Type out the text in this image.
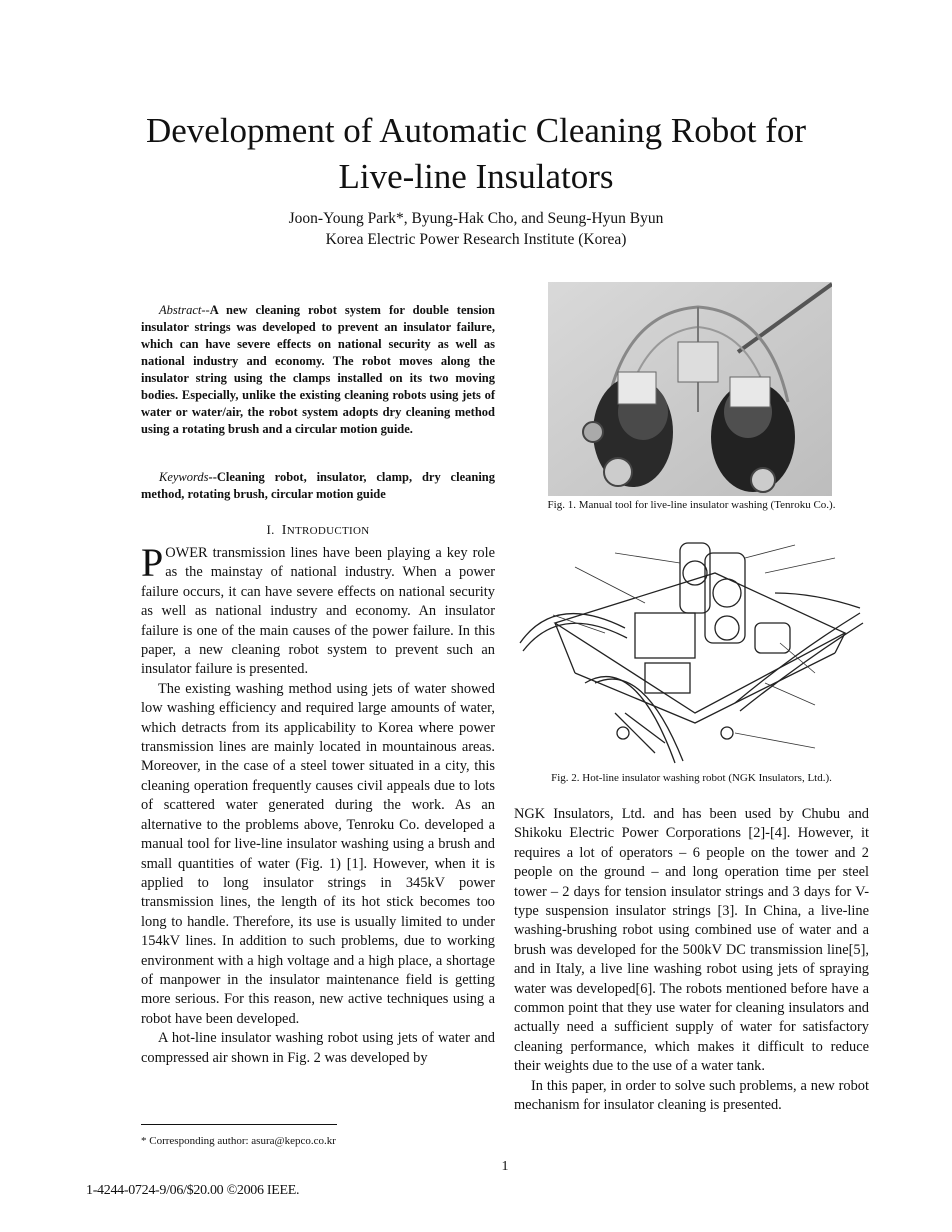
Development of Automatic Cleaning Robot for
Live-line Insulators
Joon-Young Park*, Byung-Hak Cho, and Seung-Hyun Byun
Korea Electric Power Research Institute (Korea)

Abstract--A new cleaning robot system for double tension insulator strings was developed to prevent an insulator failure, which can have severe effects on national security as well as national industry and economy. The robot moves along the insulator string using the clamps installed on its two moving bodies. Especially, unlike the existing cleaning robots using jets of water or water/air, the robot system adopts dry cleaning method using a rotating brush and a circular motion guide.

Keywords--Cleaning robot, insulator, clamp, dry cleaning method, rotating brush, circular motion guide

I. INTRODUCTION

POWER transmission lines have been playing a key role as the mainstay of national industry. When a power failure occurs, it can have severe effects on national security as well as national industry and economy. An insulator failure is one of the main causes of the power failure. In this paper, a new cleaning robot system to prevent such an insulator failure is presented.

The existing washing method using jets of water showed low washing efficiency and required large amounts of water, which detracts from its applicability to Korea where power transmission lines are mainly located in mountainous areas. Moreover, in the case of a steel tower situated in a city, this cleaning operation frequently causes civil appeals due to lots of scattered water generated during the work. As an alternative to the problems above, Tenroku Co. developed a manual tool for live-line insulator washing using a brush and small quantities of water (Fig. 1) [1]. However, when it is applied to long insulator strings in 345kV power transmission lines, the length of its hot stick becomes too long to handle. Therefore, its use is usually limited to under 154kV lines. In addition to such problems, due to working environment with a high voltage and a high place, a shortage of manpower in the insulator maintenance field is getting more serious. For this reason, new active techniques using a robot have been developed.

A hot-line insulator washing robot using jets of water and compressed air shown in Fig. 2 was developed by

Fig. 1. Manual tool for live-line insulator washing (Tenroku Co.).
Fig. 2. Hot-line insulator washing robot (NGK Insulators, Ltd.).

NGK Insulators, Ltd. and has been used by Chubu and Shikoku Electric Power Corporations [2]-[4]. However, it requires a lot of operators – 6 people on the tower and 2 people on the ground – and long operation time per steel tower – 2 days for tension insulator strings and 3 days for V-type suspension insulator strings [3]. In China, a live-line washing-brushing robot using combined use of water and a brush was developed for the 500kV DC transmission line[5], and in Italy, a live line washing robot using jets of spraying water was developed[6]. The robots mentioned before have a common point that they use water for cleaning insulators and actually need a sufficient supply of water for satisfactory cleaning performance, which makes it difficult to reduce their weights due to the use of a water tank.

In this paper, in order to solve such problems, a new robot mechanism for insulator cleaning is presented.

* Corresponding author: asura@kepco.co.kr
1
1-4244-0724-9/06/$20.00 ©2006 IEEE.
